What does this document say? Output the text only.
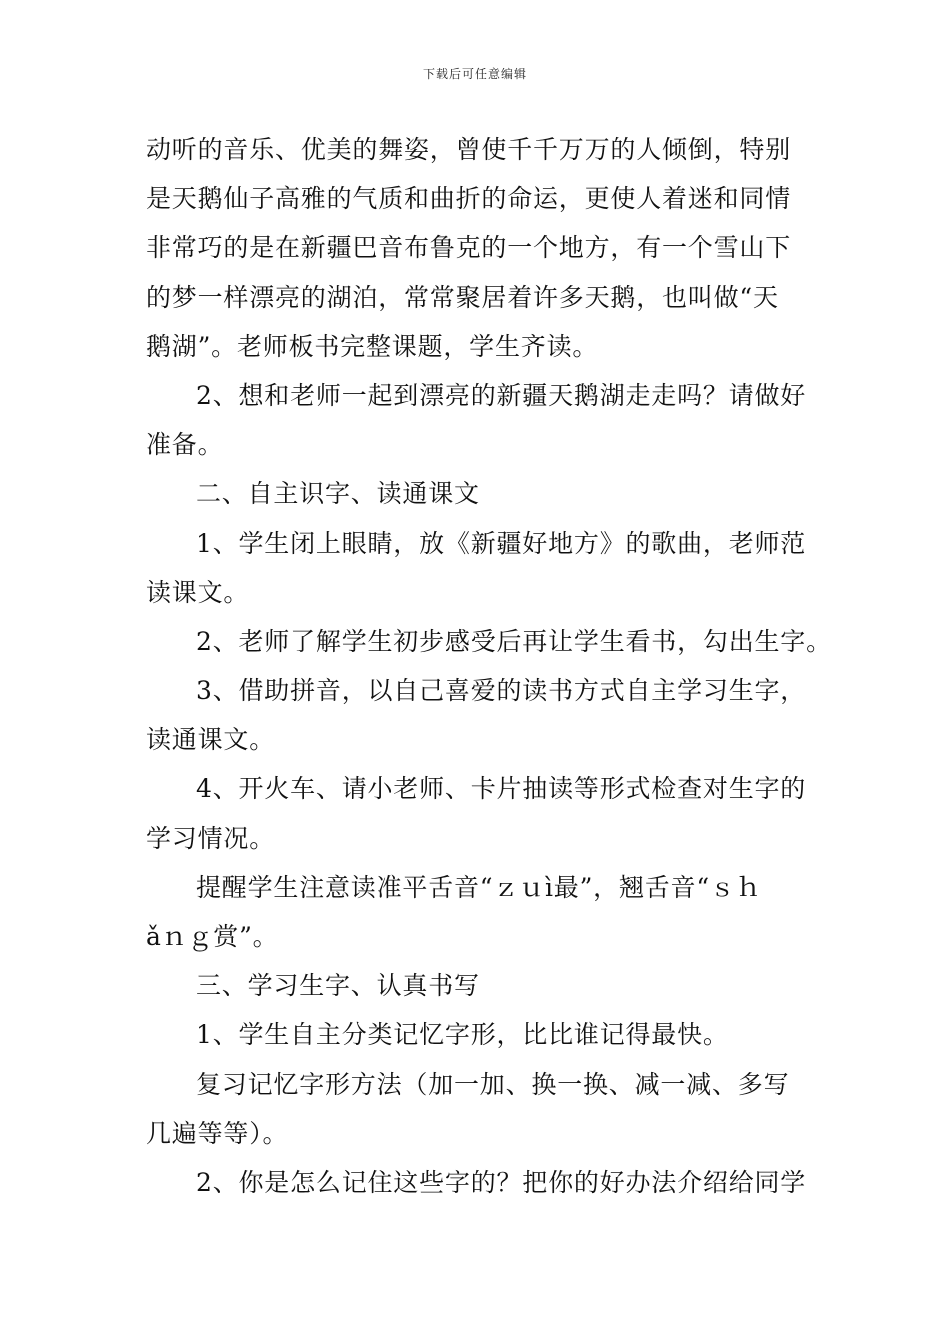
下载后可任意编辑
动听的音乐、优美的舞姿，曾使千千万万的人倾倒，特别
是天鹅仙子高雅的气质和曲折的命运，更使人着迷和同情
非常巧的是在新疆巴音布鲁克的一个地方，有一个雪山下
的梦一样漂亮的湖泊，常常聚居着许多天鹅，也叫做“天
鹅湖”。老师板书完整课题，学生齐读。
2、想和老师一起到漂亮的新疆天鹅湖走走吗？请做好
准备。
二、自主识字、读通课文
1、学生闭上眼睛，放《新疆好地方》的歌曲，老师范
读课文。
2、老师了解学生初步感受后再让学生看书，勾出生字。
3、借助拼音，以自己喜爱的读书方式自主学习生字，
读通课文。
4、开火车、请小老师、卡片抽读等形式检查对生字的
学习情况。
提醒学生注意读准平舌音“ｚｕì最”，翘舌音“ｓｈ
ǎｎｇ赏”。
三、学习生字、认真书写
1、学生自主分类记忆字形，比比谁记得最快。
复习记忆字形方法（加一加、换一换、减一减、多写
几遍等等）。
2、你是怎么记住这些字的？把你的好办法介绍给同学
